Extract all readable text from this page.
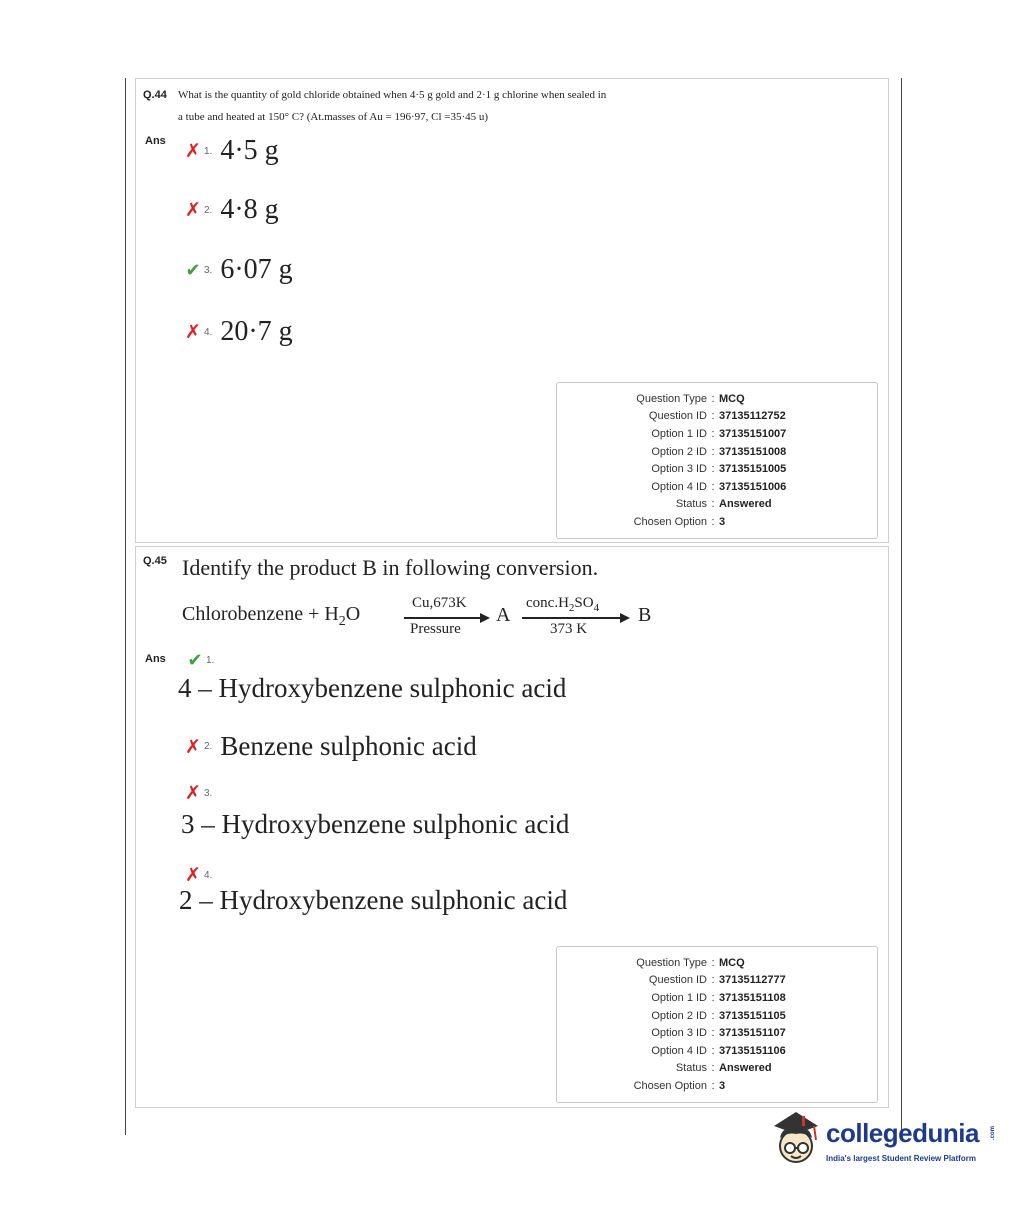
Q.44 What is the quantity of gold chloride obtained when 4·5 g gold and 2·1 g chlorine when sealed in
a tube and heated at 150° C? (At.masses of Au = 196·97, Cl =35·45 u)
Ans ✗ 1. 4·5 g
✗ 2. 4·8 g
✔ 3. 6·07 g
✗ 4. 20·7 g
Question Type : MCQ
Question ID : 37135112752
Option 1 ID : 37135151007
Option 2 ID : 37135151008
Option 3 ID : 37135151005
Option 4 ID : 37135151006
Status : Answered
Chosen Option : 3
Q.45 Identify the product B in following conversion.
Chlorobenzene + $H_2O$	Cu,673K
Pressure
A
$conc.H_2SO_4$
373 K
B
Ans ✔ 1.
4 – Hydroxybenzene sulphonic acid
✗ 2. Benzene sulphonic acid
✗ 3.
3 – Hydroxybenzene sulphonic acid
✗ 4.
2 – Hydroxybenzene sulphonic acid
Question Type : MCQ
Question ID : 37135112777
Option 1 ID : 37135151108
Option 2 ID : 37135151105
Option 3 ID : 37135151107
Option 4 ID : 37135151106
Status : Answered
Chosen Option : 3
collegedunia .com
India's largest Student Review Platform
